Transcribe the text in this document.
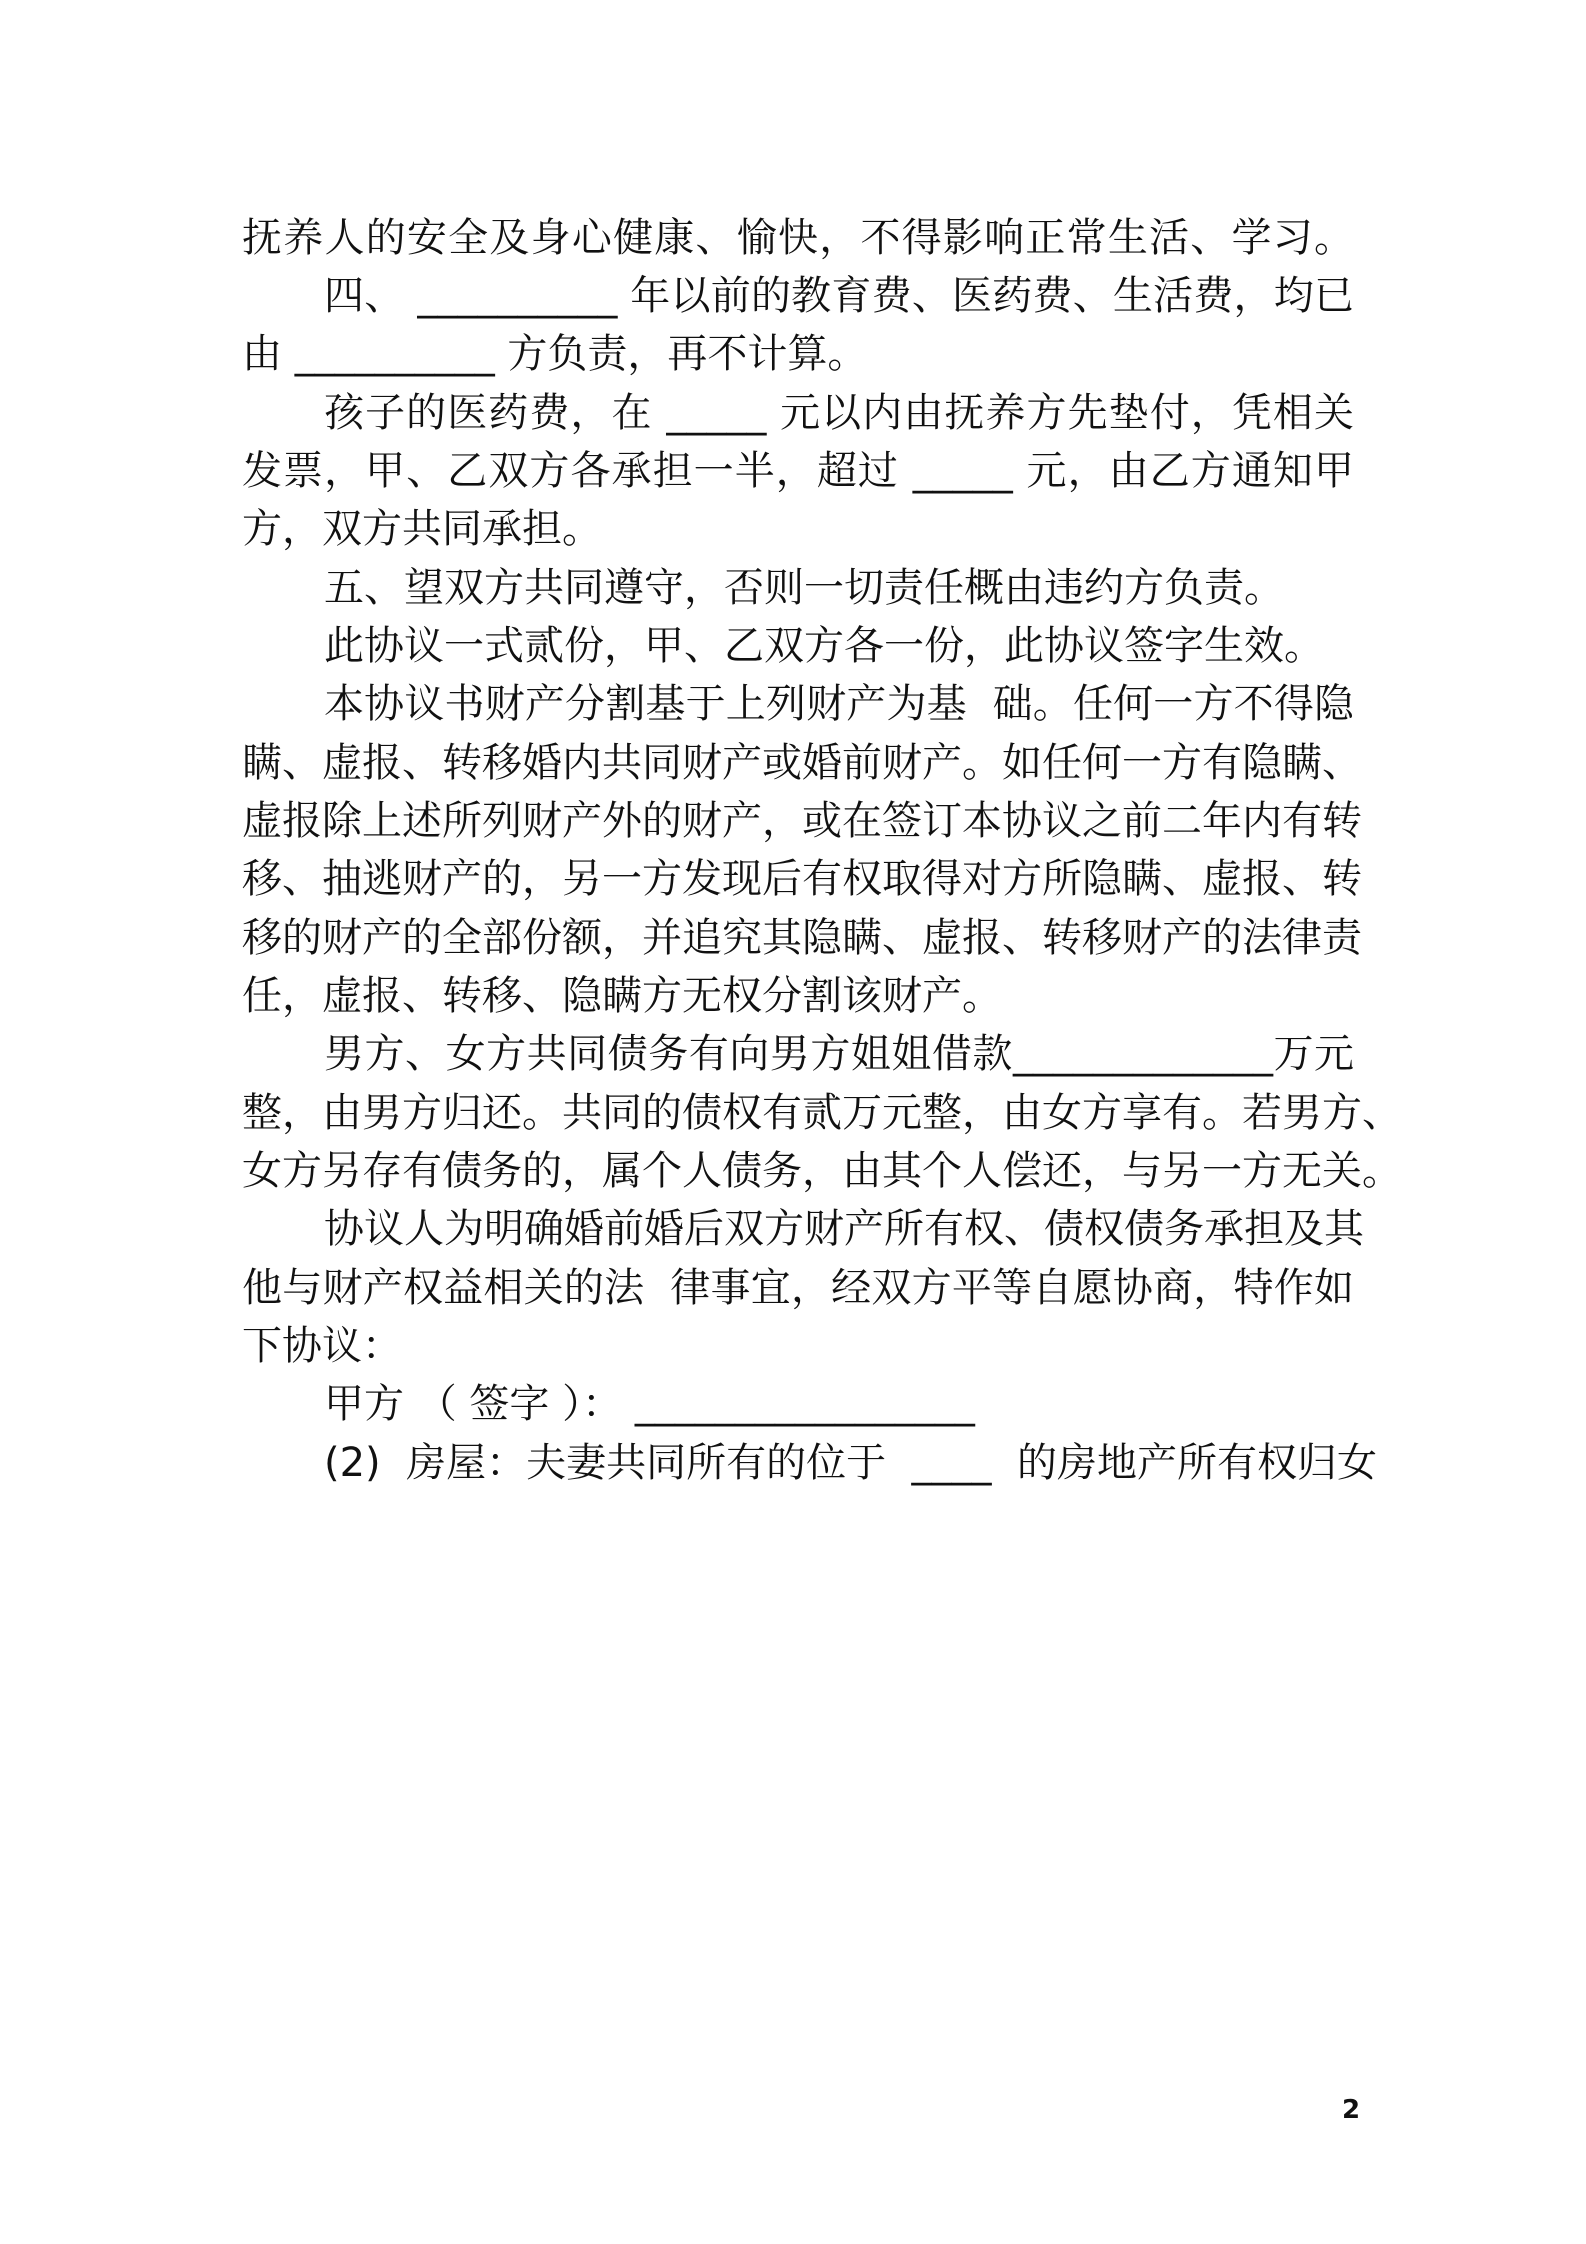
抚养人的安全及身心健康、愉快，不得影响正常生活、学习。
四、 __________ 年以前的教育费、医药费、生活费，均已
由 __________ 方负责，再不计算。
孩子的医药费，在 _____ 元以内由抚养方先垫付，凭相关
发票，甲、乙双方各承担一半，超过 _____ 元，由乙方通知甲
方，双方共同承担。
五、望双方共同遵守，否则一切责任概由违约方负责。
此协议一式贰份，甲、乙双方各一份，此协议签字生效。
本协议书财产分割基于上列财产为基  础。任何一方不得隐
瞒、虚报、转移婚内共同财产或婚前财产。如任何一方有隐瞒、
虚报除上述所列财产外的财产，或在签订本协议之前二年内有转
移、抽逃财产的，另一方发现后有权取得对方所隐瞒、虚报、转
移的财产的全部份额，并追究其隐瞒、虚报、转移财产的法律责
任，虚报、转移、隐瞒方无权分割该财产。
男方、女方共同债务有向男方姐姐借款_____________万元
整，由男方归还。共同的债权有贰万元整，由女方享有。若男方、
女方另存有债务的，属个人债务，由其个人偿还，与另一方无关。
协议人为明确婚前婚后双方财产所有权、债权债务承担及其
他与财产权益相关的法  律事宜，经双方平等自愿协商，特作如
下协议：
甲方 （ 签字 ）： _________________
(2)  房屋：夫妻共同所有的位于  ____  的房地产所有权归女
2
